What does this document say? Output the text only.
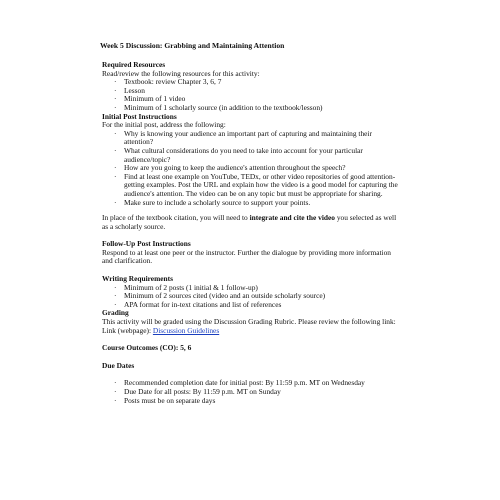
Week 5 Discussion: Grabbing and Maintaining Attention
Required Resources

Read/review the following resources for this activity:

· Textbook: review Chapter 3, 6, 7
· Lesson
· Minimum of 1 video
· Minimum of 1 scholarly source (in addition to the textbook/lesson)
Initial Post Instructions

For the initial post, address the following:

· Why is knowing your audience an important part of capturing and maintaining their attention?
· What cultural considerations do you need to take into account for your particular audience/topic?
· How are you going to keep the audience's attention throughout the speech?
· Find at least one example on YouTube, TEDx, or other video repositories of good attention-getting examples. Post the URL and explain how the video is a good model for capturing the audience's attention. The video can be on any topic but must be appropriate for sharing.
· Make sure to include a scholarly source to support your points.

In place of the textbook citation, you will need to integrate and cite the video you selected as well as a scholarly source.

Follow-Up Post Instructions

Respond to at least one peer or the instructor. Further the dialogue by providing more information and clarification.

Writing Requirements
· Minimum of 2 posts (1 initial & 1 follow-up)
· Minimum of 2 sources cited (video and an outside scholarly source)
· APA format for in-text citations and list of references
Grading

This activity will be graded using the Discussion Grading Rubric. Please review the following link: Link (webpage): Discussion Guidelines

Course Outcomes (CO): 5, 6
Due Dates
· Recommended completion date for initial post: By 11:59 p.m. MT on Wednesday
· Due Date for all posts: By 11:59 p.m. MT on Sunday
· Posts must be on separate days
